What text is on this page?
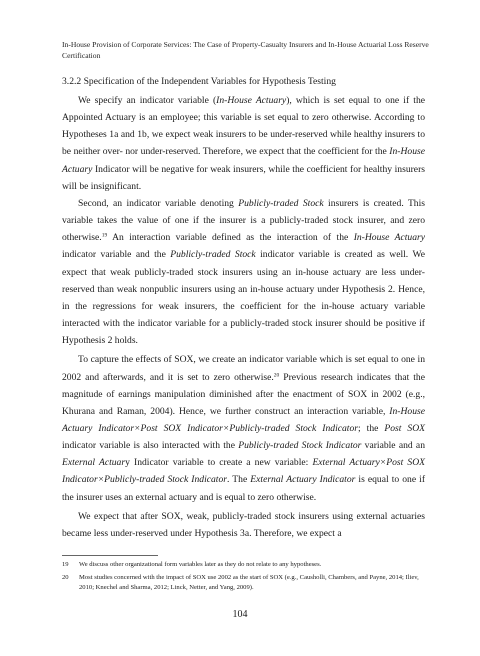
In-House Provision of Corporate Services: The Case of Property-Casualty Insurers and In-House Actuarial Loss Reserve Certification
3.2.2 Specification of the Independent Variables for Hypothesis Testing

We specify an indicator variable (In-House Actuary), which is set equal to one if the Appointed Actuary is an employee; this variable is set equal to zero otherwise. According to Hypotheses 1a and 1b, we expect weak insurers to be under-reserved while healthy insurers to be neither over- nor under-reserved. Therefore, we expect that the coefficient for the In-House Actuary Indicator will be negative for weak insurers, while the coefficient for healthy insurers will be insignificant.

Second, an indicator variable denoting Publicly-traded Stock insurers is created. This variable takes the value of one if the insurer is a publicly-traded stock insurer, and zero otherwise.$^{19}$ An interaction variable defined as the interaction of the In-House Actuary indicator variable and the Publicly-traded Stock indicator variable is created as well. We expect that weak publicly-traded stock insurers using an in-house actuary are less under-reserved than weak nonpublic insurers using an in-house actuary under Hypothesis 2. Hence, in the regressions for weak insurers, the coefficient for the in-house actuary variable interacted with the indicator variable for a publicly-traded stock insurer should be positive if Hypothesis 2 holds.

To capture the effects of SOX, we create an indicator variable which is set equal to one in 2002 and afterwards, and it is set to zero otherwise.$^{20}$ Previous research indicates that the magnitude of earnings manipulation diminished after the enactment of SOX in 2002 (e.g., Khurana and Raman, 2004). Hence, we further construct an interaction variable, In-House Actuary Indicator×Post SOX Indicator×Publicly-traded Stock Indicator; the Post SOX indicator variable is also interacted with the Publicly-traded Stock Indicator variable and an External Actuary Indicator variable to create a new variable: External Actuary×Post SOX Indicator×Publicly-traded Stock Indicator. The External Actuary Indicator is equal to one if the insurer uses an external actuary and is equal to zero otherwise.

We expect that after SOX, weak, publicly-traded stock insurers using external actuaries became less under-reserved under Hypothesis 3a. Therefore, we expect a

19	We discuss other organizational form variables later as they do not relate to any hypotheses.
20	Most studies concerned with the impact of SOX use 2002 as the start of SOX (e.g., Causholli, Chambers, and Payne, 2014; Iliev, 2010; Knechel and Sharma, 2012; Linck, Netter, and Yang, 2009).
104
